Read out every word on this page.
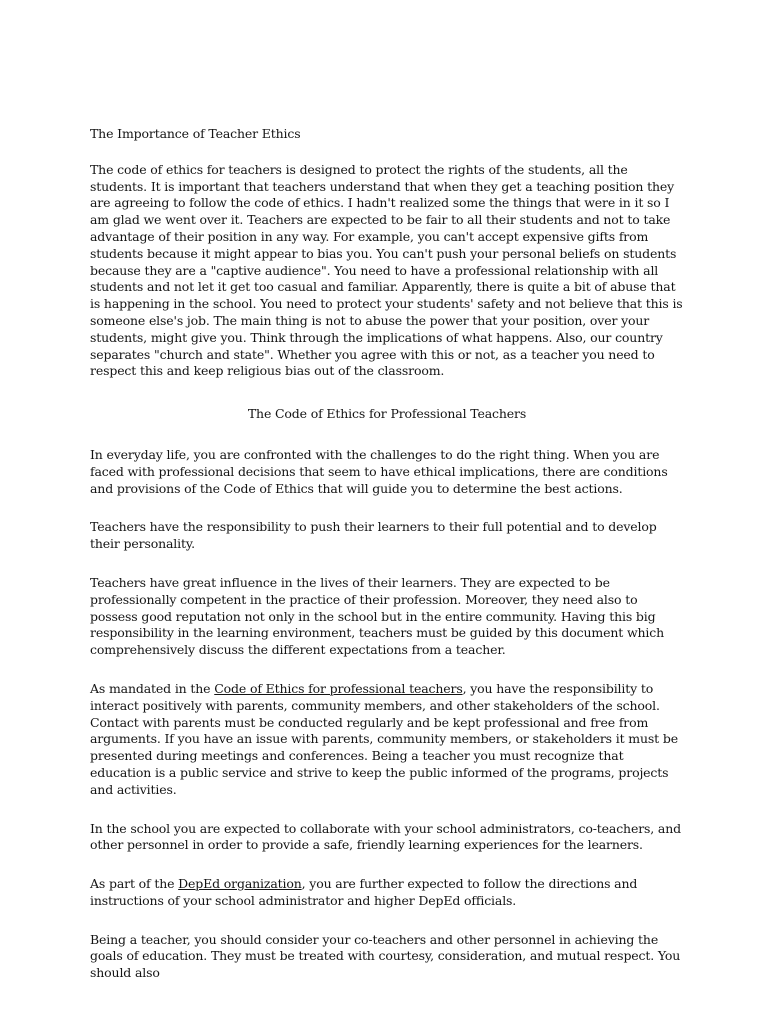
The Importance of Teacher Ethics

The code of ethics for teachers is designed to protect the rights of the students, all the students. It is important that teachers understand that when they get a teaching position they are agreeing to follow the code of ethics. I hadn't realized some the things that were in it so I am glad we went over it. Teachers are expected to be fair to all their students and not to take advantage of their position in any way. For example, you can't accept expensive gifts from students because it might appear to bias you. You can't push your personal beliefs on students because they are a "captive audience". You need to have a professional relationship with all students and not let it get too casual and familiar. Apparently, there is quite a bit of abuse that is happening in the school. You need to protect your students' safety and not believe that this is someone else's job. The main thing is not to abuse the power that your position, over your students, might give you. Think through the implications of what happens. Also, our country separates "church and state". Whether you agree with this or not, as a teacher you need to respect this and keep religious bias out of the classroom.

The Code of Ethics for Professional Teachers

In everyday life, you are confronted with the challenges to do the right thing. When you are faced with professional decisions that seem to have ethical implications, there are conditions and provisions of the Code of Ethics that will guide you to determine the best actions.

Teachers have the responsibility to push their learners to their full potential and to develop their personality.

Teachers have great influence in the lives of their learners. They are expected to be professionally competent in the practice of their profession. Moreover, they need also to possess good reputation not only in the school but in the entire community. Having this big responsibility in the learning environment, teachers must be guided by this document which comprehensively discuss the different expectations from a teacher.

As mandated in the Code of Ethics for professional teachers, you have the responsibility to interact positively with parents, community members, and other stakeholders of the school. Contact with parents must be conducted regularly and be kept professional and free from arguments. If you have an issue with parents, community members, or stakeholders it must be presented during meetings and conferences. Being a teacher you must recognize that education is a public service and strive to keep the public informed of the programs, projects and activities.

In the school you are expected to collaborate with your school administrators, co-teachers, and other personnel in order to provide a safe, friendly learning experiences for the learners.

As part of the DepEd organization, you are further expected to follow the directions and instructions of your school administrator and higher DepEd officials.

Being a teacher, you should consider your co-teachers and other personnel in achieving the goals of education. They must be treated with courtesy, consideration, and mutual respect. You should also
